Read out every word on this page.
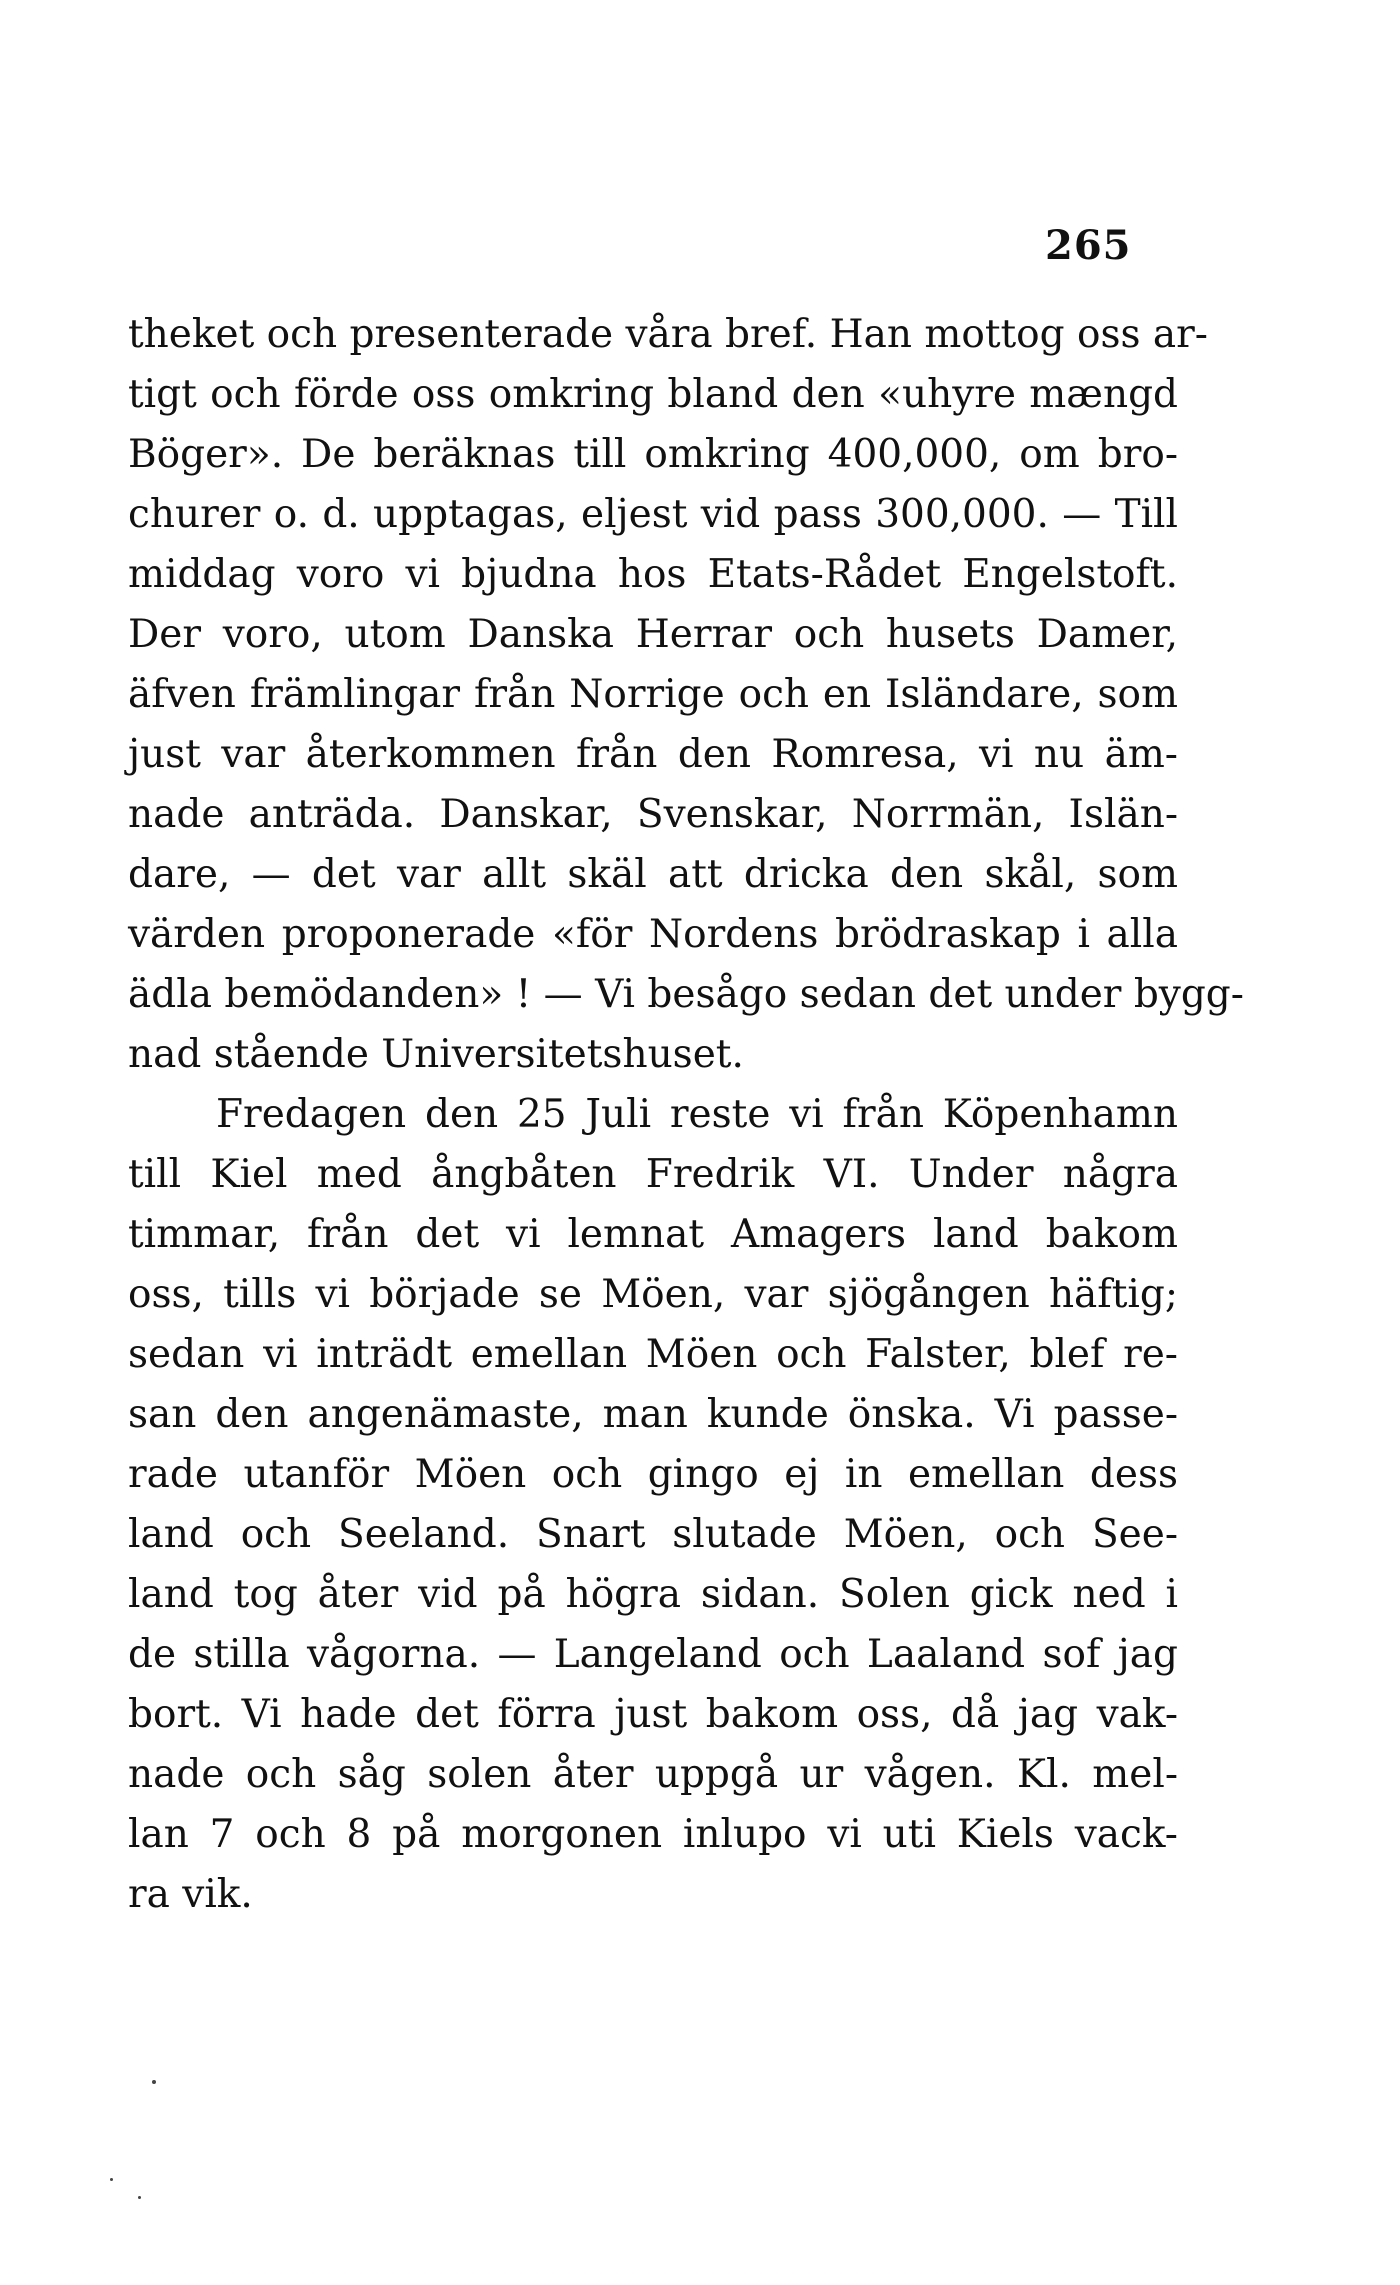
265
theket och presenterade våra bref. Han mottog oss ar-
tigt och förde oss omkring bland den «uhyre mængd
Böger». De beräknas till omkring 400,000, om bro-
churer o. d. upptagas, eljest vid pass 300,000. — Till
middag voro vi bjudna hos Etats-Rådet Engelstoft.
Der voro, utom Danska Herrar och husets Damer,
äfven främlingar från Norrige och en Isländare, som
just var återkommen från den Romresa, vi nu äm-
nade anträda. Danskar, Svenskar, Norrmän, Islän-
dare, — det var allt skäl att dricka den skål, som
värden proponerade «för Nordens brödraskap i alla
ädla bemödanden» ! — Vi besågo sedan det under bygg-
nad stående Universitetshuset.
Fredagen den 25 Juli reste vi från Köpenhamn
till Kiel med ångbåten Fredrik VI. Under några
timmar, från det vi lemnat Amagers land bakom
oss, tills vi började se Möen, var sjögången häftig;
sedan vi inträdt emellan Möen och Falster, blef re-
san den angenämaste, man kunde önska. Vi passe-
rade utanför Möen och gingo ej in emellan dess
land och Seeland. Snart slutade Möen, och See-
land tog åter vid på högra sidan. Solen gick ned i
de stilla vågorna. — Langeland och Laaland sof jag
bort. Vi hade det förra just bakom oss, då jag vak-
nade och såg solen åter uppgå ur vågen. Kl. mel-
lan 7 och 8 på morgonen inlupo vi uti Kiels vack-
ra vik.
